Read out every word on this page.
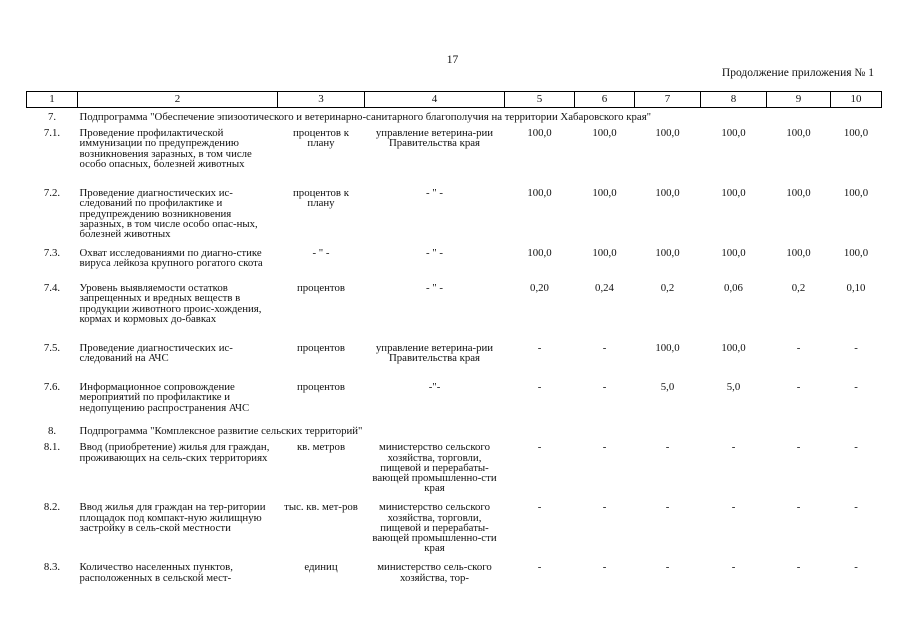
17
Продолжение приложения № 1
1	2	3	4	5	6	7	8	9	10
7.	Подпрограмма "Обеспечение эпизоотического и ветеринарно-санитарного благополучия на территории Хабаровского края"								
7.1.	Проведение профилактической иммунизации по предупреждению возникновения заразных, в том числе особо опасных, болезней животных	процентов к плану	управление ветерина-рии Правительства края	100,0	100,0	100,0	100,0	100,0	100,0
7.2.	Проведение диагностических ис-следований по профилактике и предупреждению возникновения заразных, в том числе особо опас-ных, болезней животных	процентов к плану	- " -	100,0	100,0	100,0	100,0	100,0	100,0
7.3.	Охват исследованиями по диагно-стике вируса лейкоза крупного рогатого скота	- " -	- " -	100,0	100,0	100,0	100,0	100,0	100,0
7.4.	Уровень выявляемости остатков запрещенных и вредных веществ в продукции животного проис-хождения, кормах и кормовых до-бавках	процентов	- " -	0,20	0,24	0,2	0,06	0,2	0,10
7.5.	Проведение диагностических ис-следований на АЧС	процентов	управление ветерина-рии Правительства края	-	-	100,0	100,0	-	-
7.6.	Информационное сопровождение мероприятий по профилактике и недопущению распространения АЧС	процентов	-"-	-	-	5,0	5,0	-	-
8.	Подпрограмма "Комплексное развитие сельских территорий"								
8.1.	Ввод (приобретение) жилья для граждан, проживающих на сель-ских территориях	кв. метров	министерство сельского хозяйства, торговли, пищевой и перерабаты-вающей промышленно-сти края	-	-	-	-	-	-
8.2.	Ввод жилья для граждан на тер-ритории площадок под компакт-ную жилищную застройку в сель-ской местности	тыс. кв. мет-ров	министерство сельского хозяйства, торговли, пищевой и перерабаты-вающей промышленно-сти края	-	-	-	-	-	-
8.3.	Количество населенных пунктов, расположенных в сельской мест-	единиц	министерство сель-ского хозяйства, тор-	-	-	-	-	-	-
